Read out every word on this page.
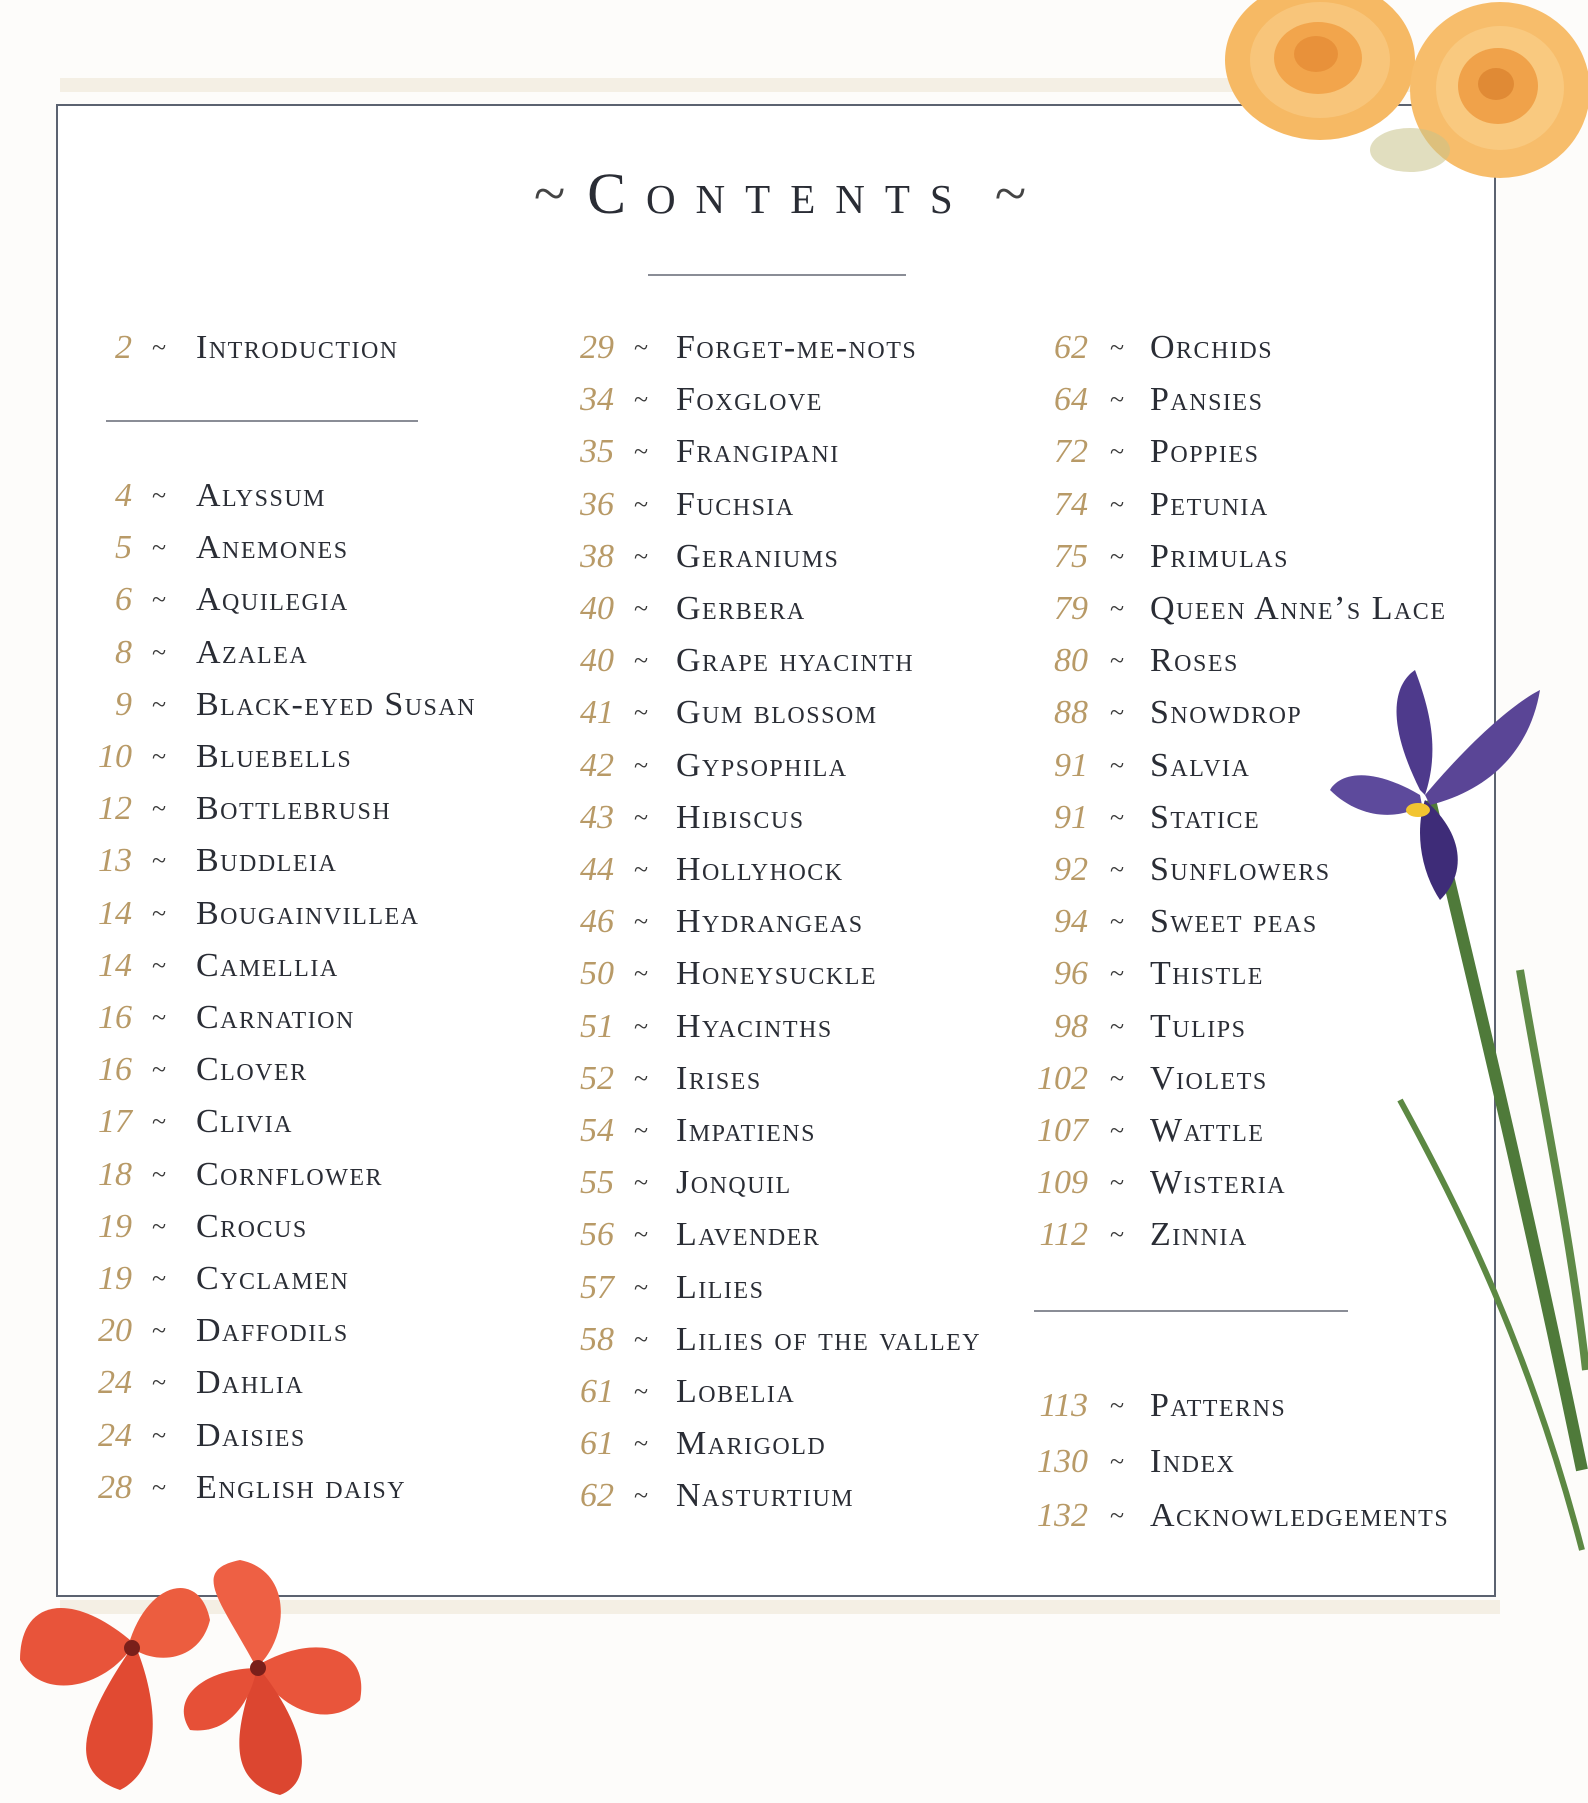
~ Contents ~
2 ~ Introduction
4 ~ Alyssum
5 ~ Anemones
6 ~ Aquilegia
8 ~ Azalea
9 ~ Black-eyed Susan
10 ~ Bluebells
12 ~ Bottlebrush
13 ~ Buddleia
14 ~ Bougainvillea
14 ~ Camellia
16 ~ Carnation
16 ~ Clover
17 ~ Clivia
18 ~ Cornflower
19 ~ Crocus
19 ~ Cyclamen
20 ~ Daffodils
24 ~ Dahlia
24 ~ Daisies
28 ~ English daisy
29 ~ Forget-me-nots
34 ~ Foxglove
35 ~ Frangipani
36 ~ Fuchsia
38 ~ Geraniums
40 ~ Gerbera
40 ~ Grape hyacinth
41 ~ Gum blossom
42 ~ Gypsophila
43 ~ Hibiscus
44 ~ Hollyhock
46 ~ Hydrangeas
50 ~ Honeysuckle
51 ~ Hyacinths
52 ~ Irises
54 ~ Impatiens
55 ~ Jonquil
56 ~ Lavender
57 ~ Lilies
58 ~ Lilies of the valley
61 ~ Lobelia
61 ~ Marigold
62 ~ Nasturtium
62 ~ Orchids
64 ~ Pansies
72 ~ Poppies
74 ~ Petunia
75 ~ Primulas
79 ~ Queen Anne’s Lace
80 ~ Roses
88 ~ Snowdrop
91 ~ Salvia
91 ~ Statice
92 ~ Sunflowers
94 ~ Sweet peas
96 ~ Thistle
98 ~ Tulips
102 ~ Violets
107 ~ Wattle
109 ~ Wisteria
112 ~ Zinnia
113 ~ Patterns
130 ~ Index
132 ~ Acknowledgements
